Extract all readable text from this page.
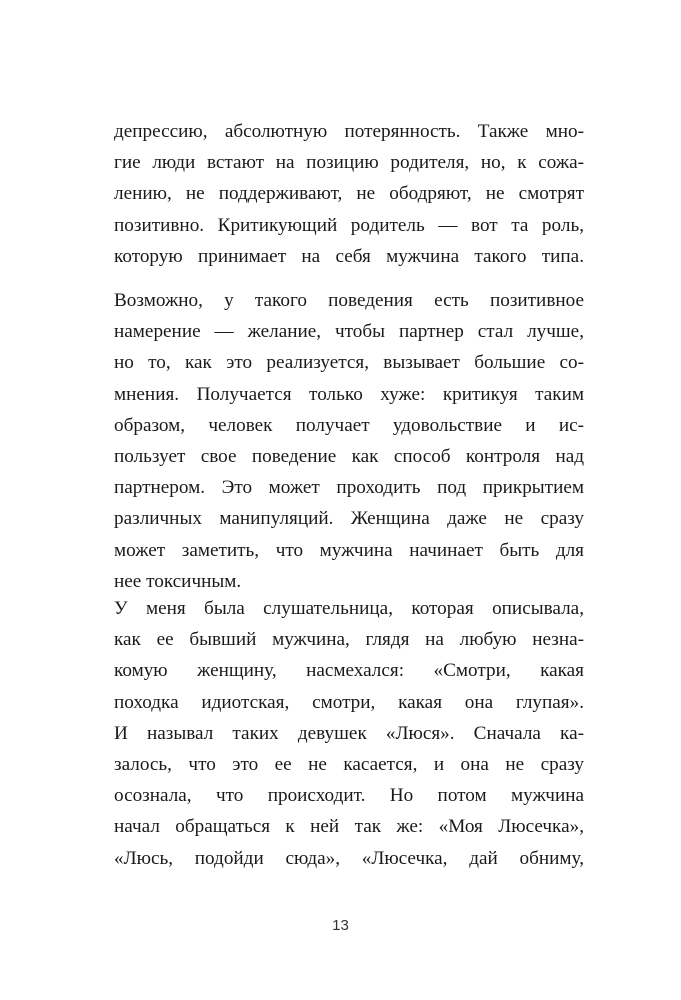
депрессию, абсолютную потерянность. Также мно-
гие люди встают на позицию родителя, но, к сожа-
лению, не поддерживают, не ободряют, не смотрят
позитивно. Критикующий родитель — вот та роль,
которую принимает на себя мужчина такого типа.
Возможно, у такого поведения есть позитивное
намерение — желание, чтобы партнер стал лучше,
но то, как это реализуется, вызывает большие со-
мнения. Получается только хуже: критикуя таким
образом, человек получает удовольствие и ис-
пользует свое поведение как способ контроля над
партнером. Это может проходить под прикрытием
различных манипуляций. Женщина даже не сразу
может заметить, что мужчина начинает быть для
нее токсичным.
У меня была слушательница, которая описывала,
как ее бывший мужчина, глядя на любую незна-
комую женщину, насмехался: «Смотри, какая
походка идиотская, смотри, какая она глупая».
И называл таких девушек «Люся». Сначала ка-
залось, что это ее не касается, и она не сразу
осознала, что происходит. Но потом мужчина
начал обращаться к ней так же: «Моя Люсечка»,
«Люсь, подойди сюда», «Люсечка, дай обниму,
13
